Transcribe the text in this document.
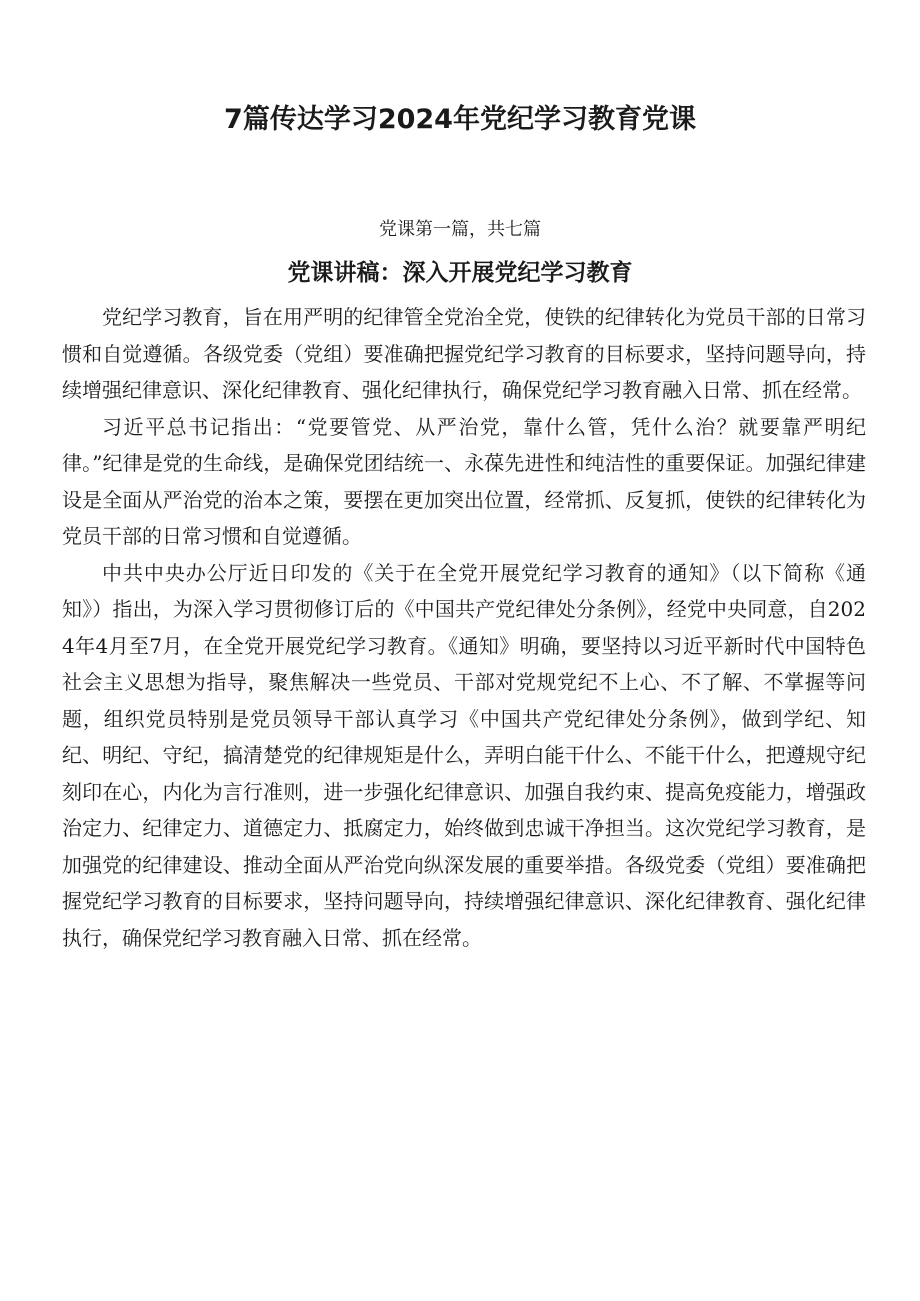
7篇传达学习2024年党纪学习教育党课
党课第一篇，共七篇
党课讲稿：深入开展党纪学习教育

党纪学习教育，旨在用严明的纪律管全党治全党，使铁的纪律转化为党员干部的日常习惯和自觉遵循。各级党委（党组）要准确把握党纪学习教育的目标要求，坚持问题导向，持续增强纪律意识、深化纪律教育、强化纪律执行，确保党纪学习教育融入日常、抓在经常。

习近平总书记指出：“党要管党、从严治党，靠什么管，凭什么治？就要靠严明纪律。”纪律是党的生命线，是确保党团结统一、永葆先进性和纯洁性的重要保证。加强纪律建设是全面从严治党的治本之策，要摆在更加突出位置，经常抓、反复抓，使铁的纪律转化为党员干部的日常习惯和自觉遵循。

中共中央办公厅近日印发的《关于在全党开展党纪学习教育的通知》（以下简称《通知》）指出，为深入学习贯彻修订后的《中国共产党纪律处分条例》，经党中央同意，自2024年4月至7月，在全党开展党纪学习教育。《通知》明确，要坚持以习近平新时代中国特色社会主义思想为指导，聚焦解决一些党员、干部对党规党纪不上心、不了解、不掌握等问题，组织党员特别是党员领导干部认真学习《中国共产党纪律处分条例》，做到学纪、知纪、明纪、守纪，搞清楚党的纪律规矩是什么，弄明白能干什么、不能干什么，把遵规守纪刻印在心，内化为言行准则，进一步强化纪律意识、加强自我约束、提高免疫能力，增强政治定力、纪律定力、道德定力、抵腐定力，始终做到忠诚干净担当。这次党纪学习教育，是加强党的纪律建设、推动全面从严治党向纵深发展的重要举措。各级党委（党组）要准确把握党纪学习教育的目标要求，坚持问题导向，持续增强纪律意识、深化纪律教育、强化纪律执行，确保党纪学习教育融入日常、抓在经常。
